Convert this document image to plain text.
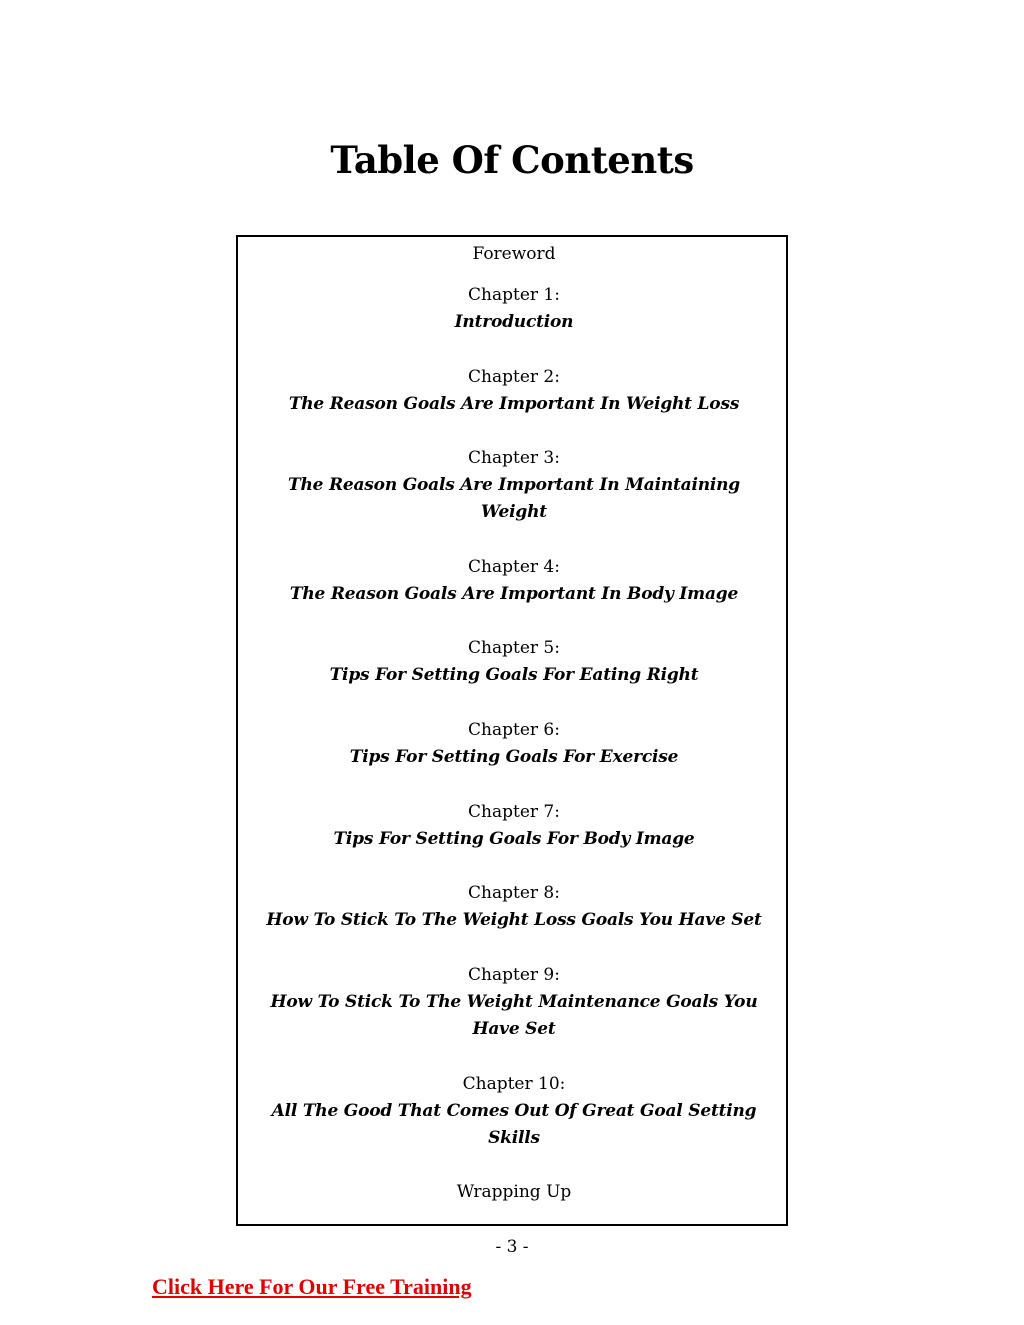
Table Of Contents
Foreword
Chapter 1:
Introduction
Chapter 2:
The Reason Goals Are Important In Weight Loss
Chapter 3:
The Reason Goals Are Important In Maintaining
Weight
Chapter 4:
The Reason Goals Are Important In Body Image
Chapter 5:
Tips For Setting Goals For Eating Right
Chapter 6:
Tips For Setting Goals For Exercise
Chapter 7:
Tips For Setting Goals For Body Image
Chapter 8:
How To Stick To The Weight Loss Goals You Have Set
Chapter 9:
How To Stick To The Weight Maintenance Goals You
Have Set
Chapter 10:
All The Good That Comes Out Of Great Goal Setting
Skills
Wrapping Up
- 3 -
Click Here For Our Free Training
